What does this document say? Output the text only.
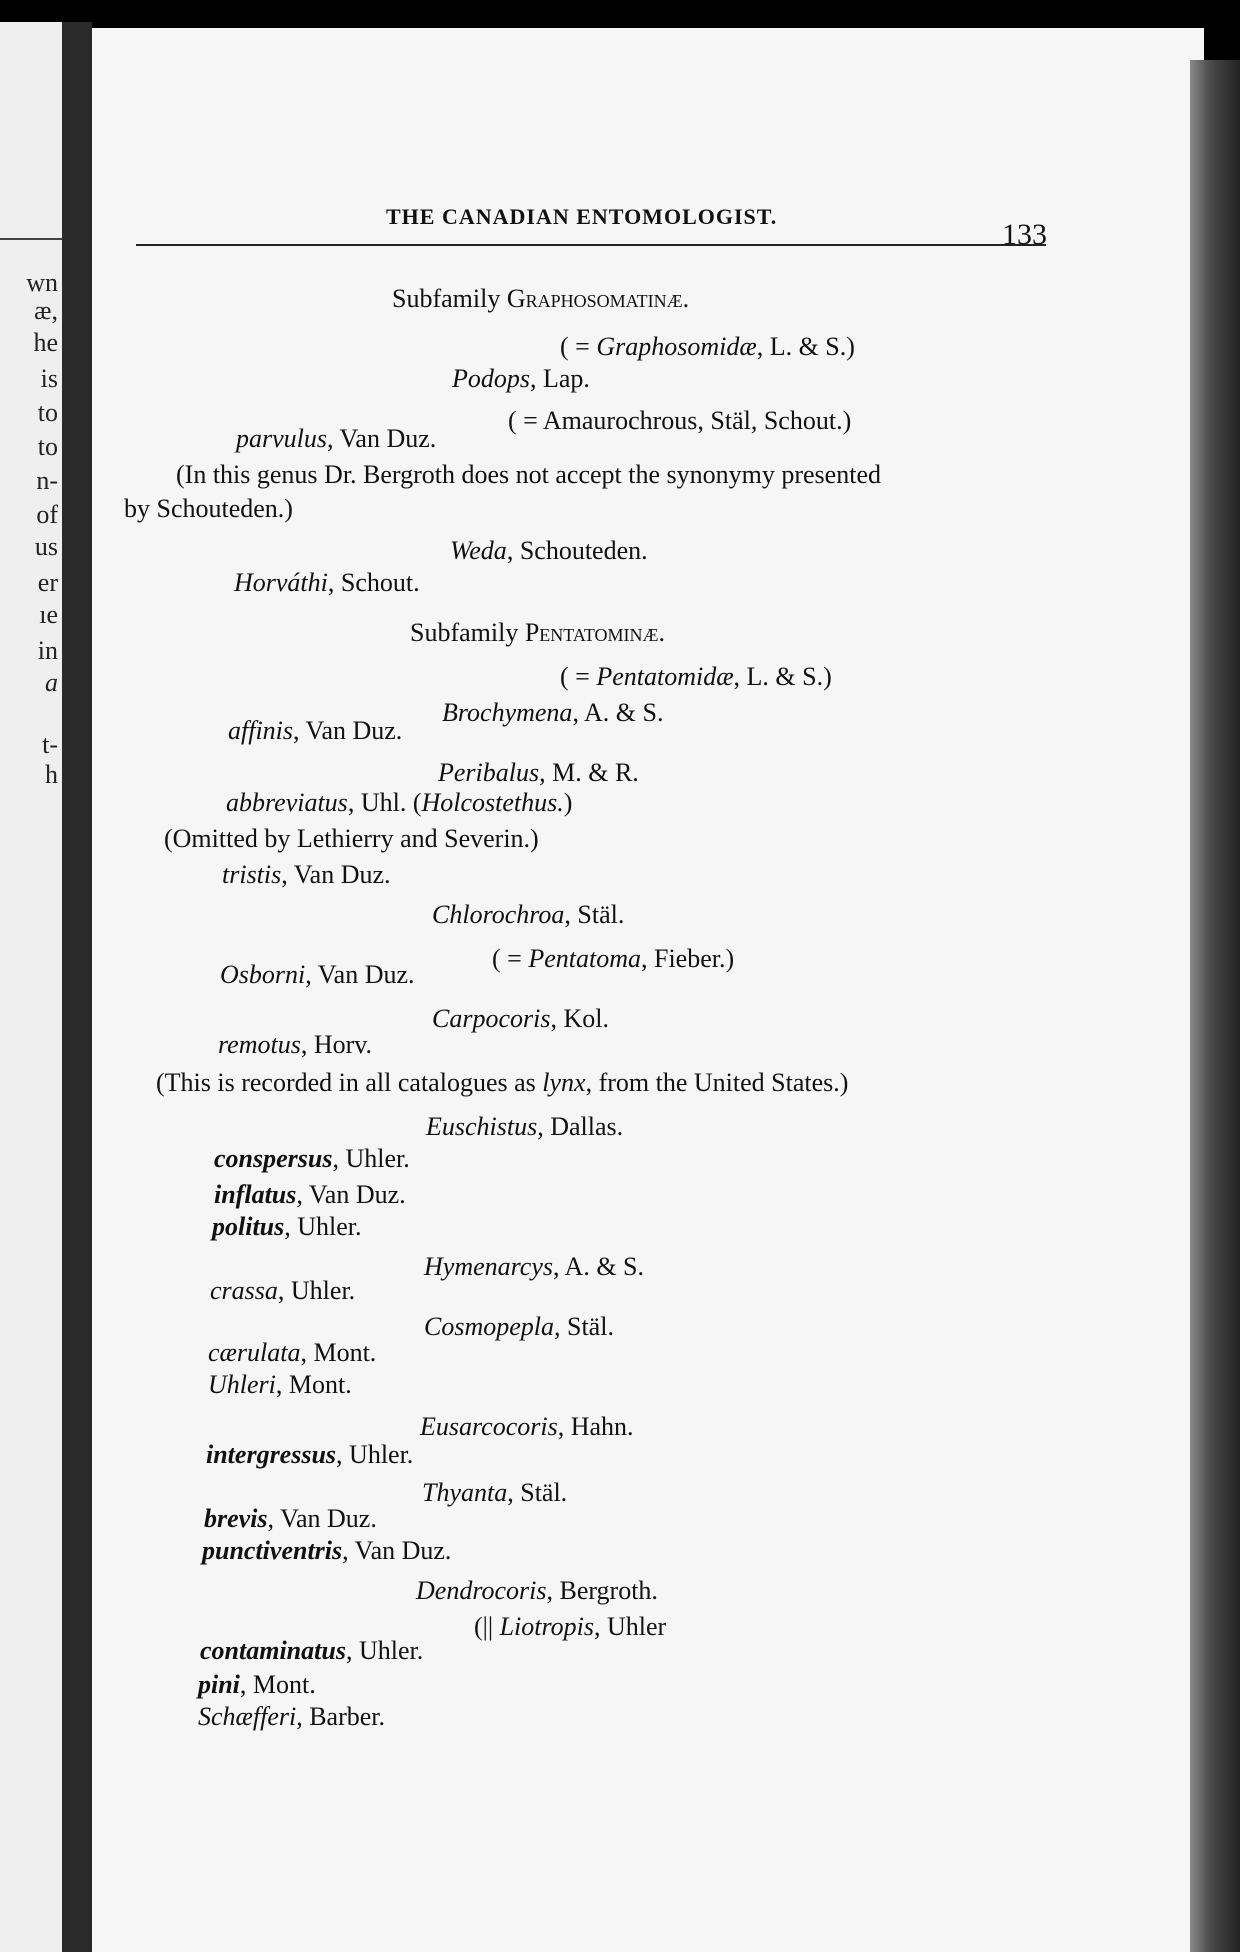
wn
æ,
he
is
to
to
n-
of
us
er
ıe
in
a
t-
h
THE CANADIAN ENTOMOLOGIST.
133
Subfamily Graphosomatinæ.
( = Graphosomidæ, L. & S.)
Podops, Lap.
( = Amaurochrous, Stäl, Schout.)
parvulus, Van Duz.
(In this genus Dr. Bergroth does not accept the synonymy presented
by Schouteden.)
Weda, Schouteden.
Horváthi, Schout.
Subfamily Pentatominæ.
( = Pentatomidæ, L. & S.)
Brochymena, A. & S.
affinis, Van Duz.
Peribalus, M. & R.
abbreviatus, Uhl. (Holcostethus.)
(Omitted by Lethierry and Severin.)
tristis, Van Duz.
Chlorochroa, Stäl.
( = Pentatoma, Fieber.)
Osborni, Van Duz.
Carpocoris, Kol.
remotus, Horv.
(This is recorded in all catalogues as lynx, from the United States.)
Euschistus, Dallas.
conspersus, Uhler.
inflatus, Van Duz.
politus, Uhler.
Hymenarcys, A. & S.
crassa, Uhler.
Cosmopepla, Stäl.
cærulata, Mont.
Uhleri, Mont.
Eusarcocoris, Hahn.
intergressus, Uhler.
Thyanta, Stäl.
brevis, Van Duz.
punctiventris, Van Duz.
Dendrocoris, Bergroth.
(|| Liotropis, Uhler
contaminatus, Uhler.
pini, Mont.
Schæfferi, Barber.
